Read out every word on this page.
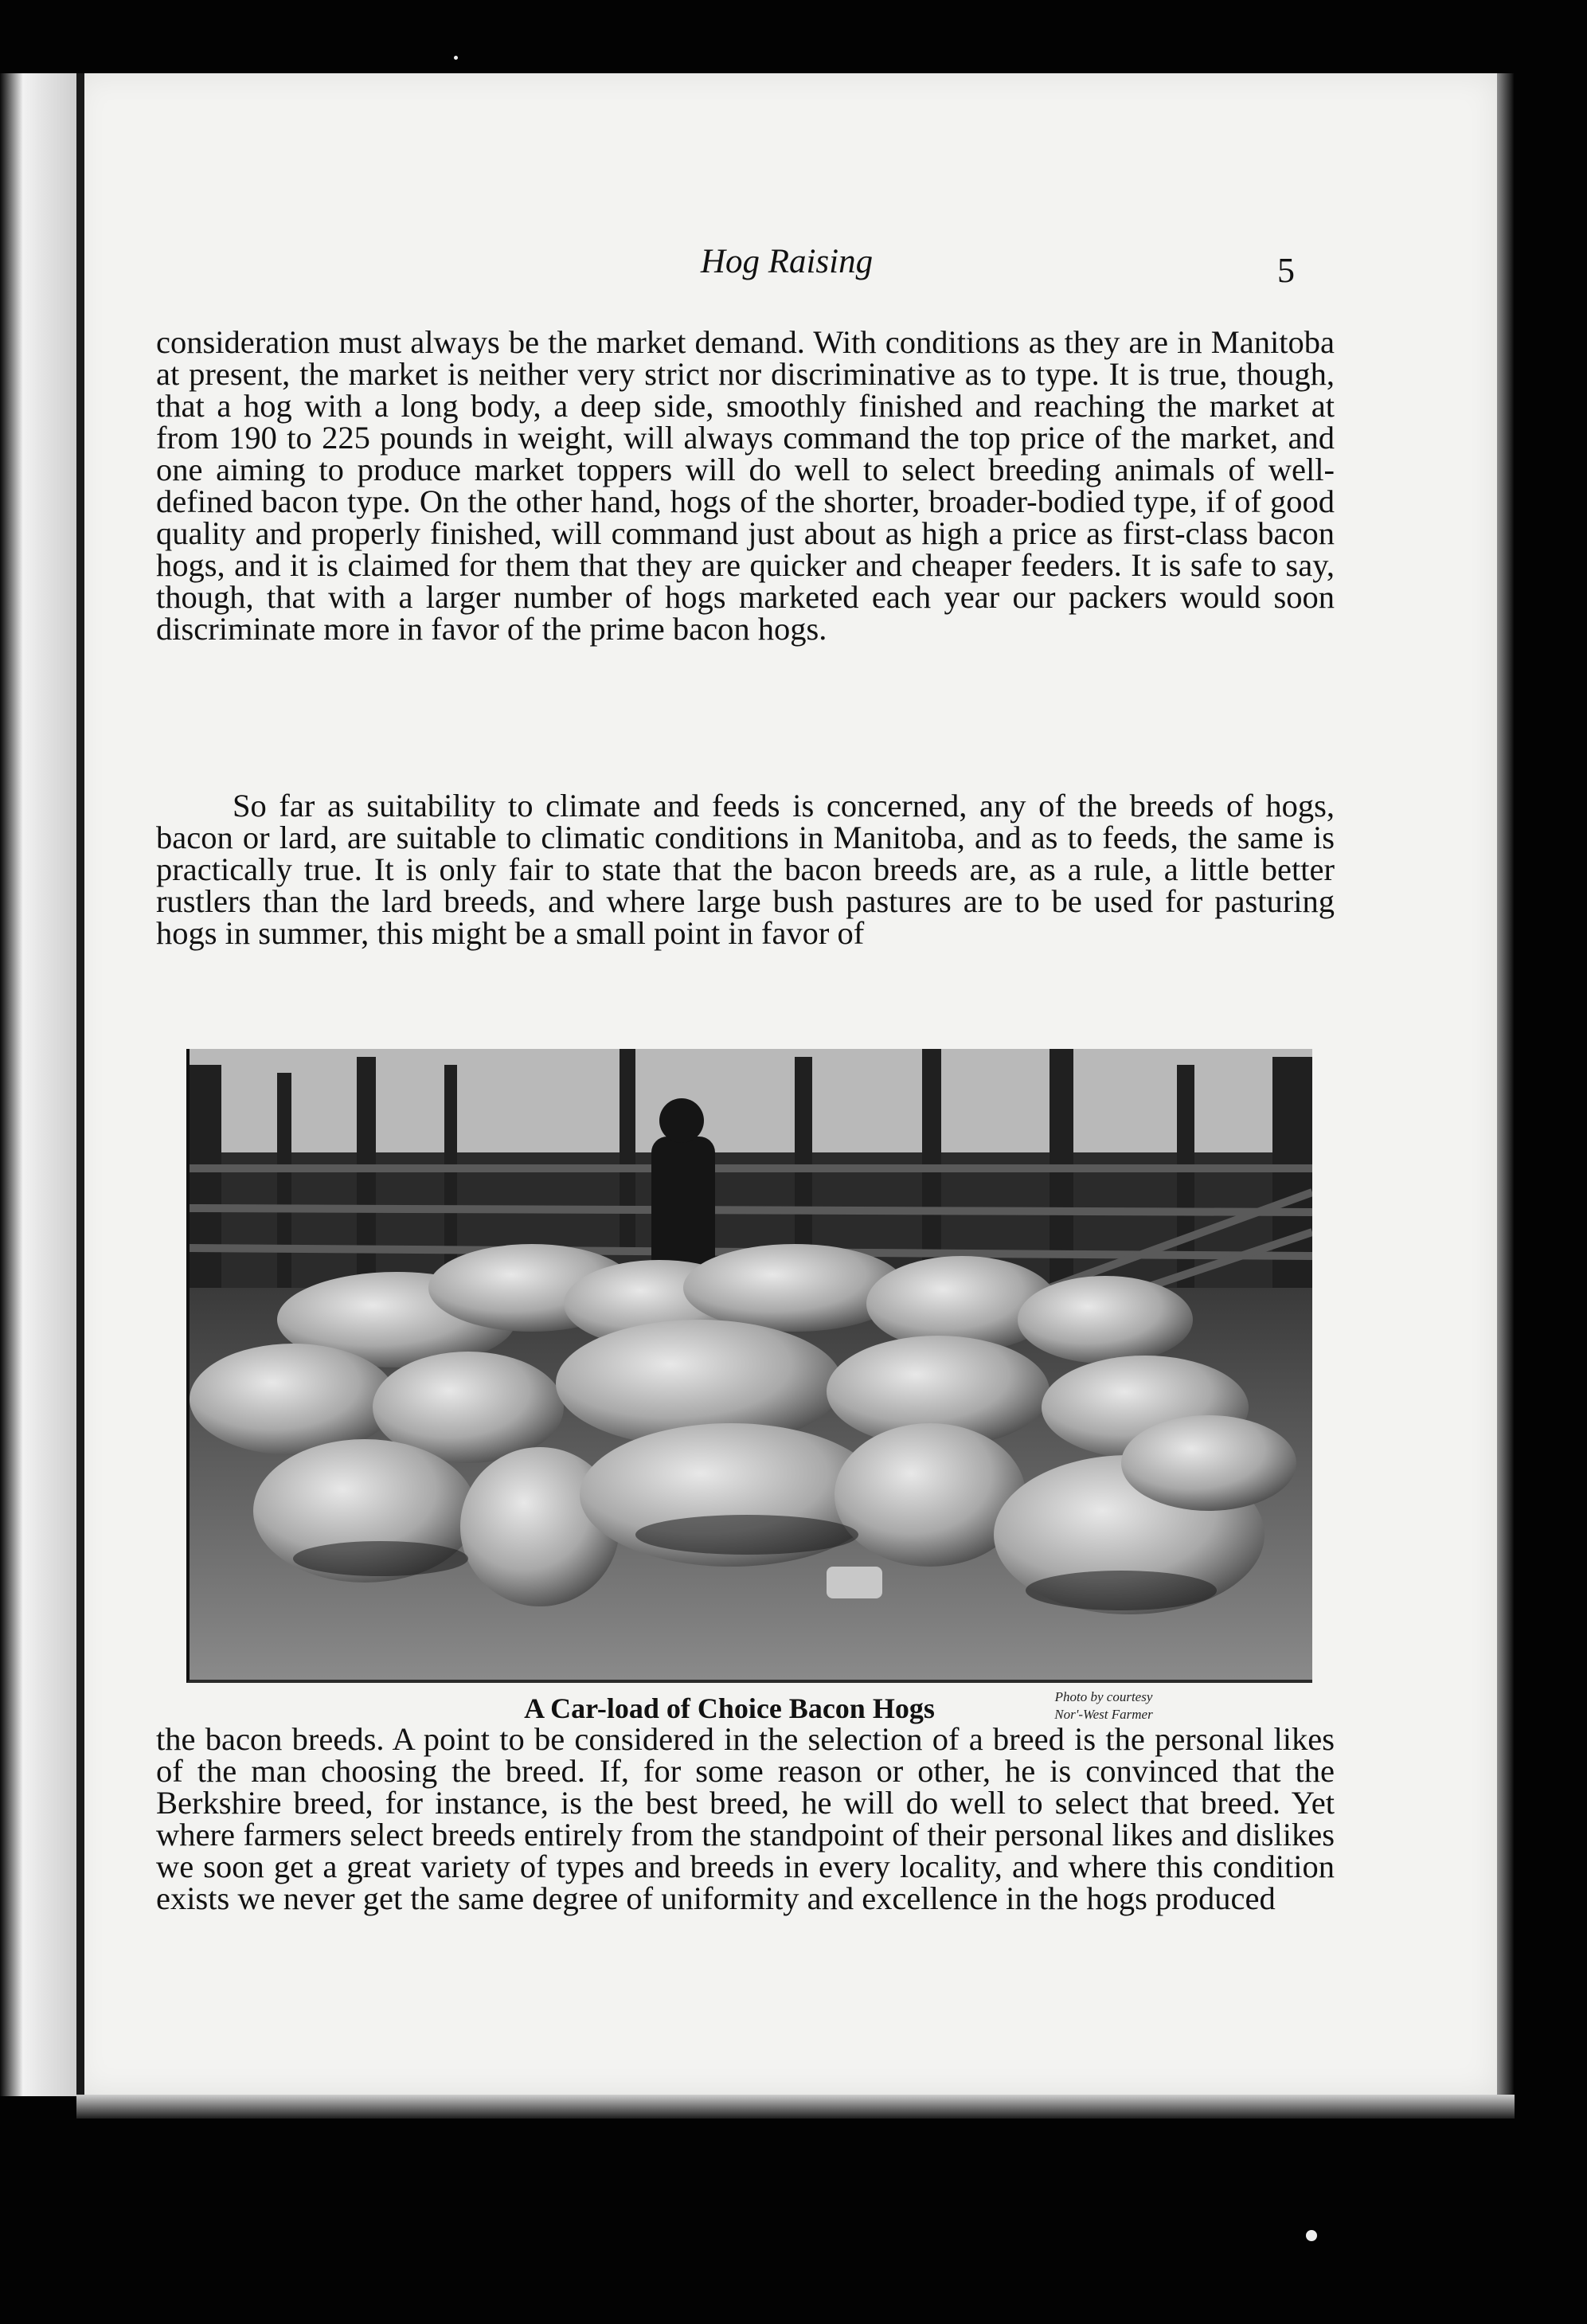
Hog Raising	5

consideration must always be the market demand. With conditions as they are in Manitoba at present, the market is neither very strict nor discriminative as to type. It is true, though, that a hog with a long body, a deep side, smoothly finished and reaching the market at from 190 to 225 pounds in weight, will always command the top price of the market, and one aiming to produce market toppers will do well to select breeding animals of well-defined bacon type. On the other hand, hogs of the shorter, broader-bodied type, if of good quality and properly finished, will command just about as high a price as first-class bacon hogs, and it is claimed for them that they are quicker and cheaper feeders. It is safe to say, though, that with a larger number of hogs marketed each year our packers would soon discriminate more in favor of the prime bacon hogs.

So far as suitability to climate and feeds is concerned, any of the breeds of hogs, bacon or lard, are suitable to climatic conditions in Manitoba, and as to feeds, the same is practically true. It is only fair to state that the bacon breeds are, as a rule, a little better rustlers than the lard breeds, and where large bush pastures are to be used for pasturing hogs in summer, this might be a small point in favor of

A Car-load of Choice Bacon Hogs	Photo by courtesy
Nor'-West Farmer

the bacon breeds. A point to be considered in the selection of a breed is the personal likes of the man choosing the breed. If, for some reason or other, he is convinced that the Berkshire breed, for instance, is the best breed, he will do well to select that breed. Yet where farmers select breeds entirely from the standpoint of their personal likes and dislikes we soon get a great variety of types and breeds in every locality, and where this condition exists we never get the same degree of uniformity and excellence in the hogs produced
